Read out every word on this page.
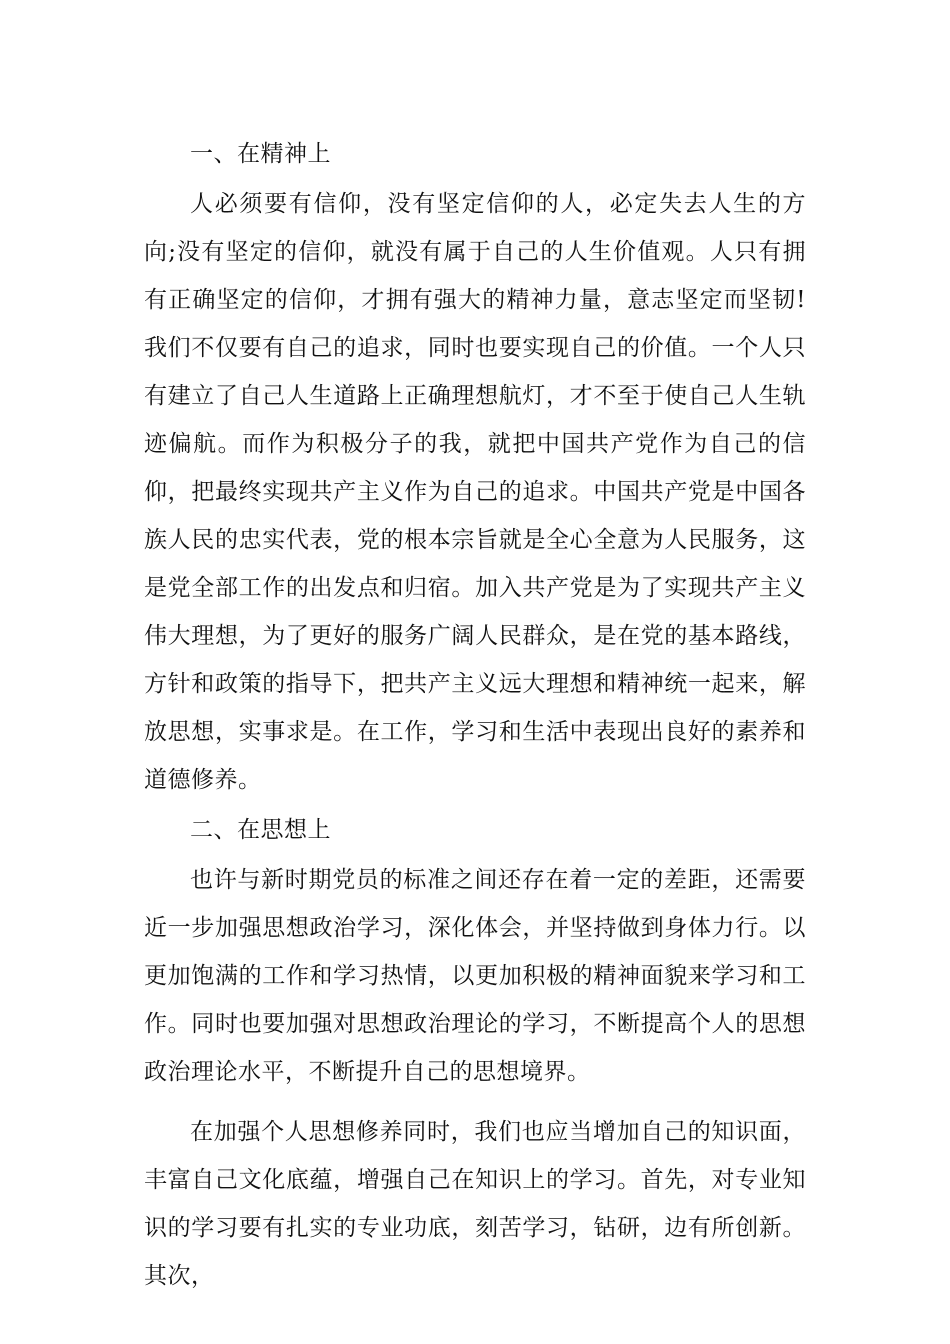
一、在精神上

人必须要有信仰，没有坚定信仰的人，必定失去人生的方向;没有坚定的信仰，就没有属于自己的人生价值观。人只有拥有正确坚定的信仰，才拥有强大的精神力量，意志坚定而坚韧!我们不仅要有自己的追求，同时也要实现自己的价值。一个人只有建立了自己人生道路上正确理想航灯，才不至于使自己人生轨迹偏航。而作为积极分子的我，就把中国共产党作为自己的信仰，把最终实现共产主义作为自己的追求。中国共产党是中国各族人民的忠实代表，党的根本宗旨就是全心全意为人民服务，这是党全部工作的出发点和归宿。加入共产党是为了实现共产主义伟大理想，为了更好的服务广阔人民群众，是在党的基本路线，方针和政策的指导下，把共产主义远大理想和精神统一起来，解放思想，实事求是。在工作，学习和生活中表现出良好的素养和道德修养。

二、在思想上

也许与新时期党员的标准之间还存在着一定的差距，还需要近一步加强思想政治学习，深化体会，并坚持做到身体力行。以更加饱满的工作和学习热情，以更加积极的精神面貌来学习和工作。同时也要加强对思想政治理论的学习，不断提高个人的思想政治理论水平，不断提升自己的思想境界。

在加强个人思想修养同时，我们也应当增加自己的知识面，丰富自己文化底蕴，增强自己在知识上的学习。首先，对专业知识的学习要有扎实的专业功底，刻苦学习，钻研，边有所创新。其次，
